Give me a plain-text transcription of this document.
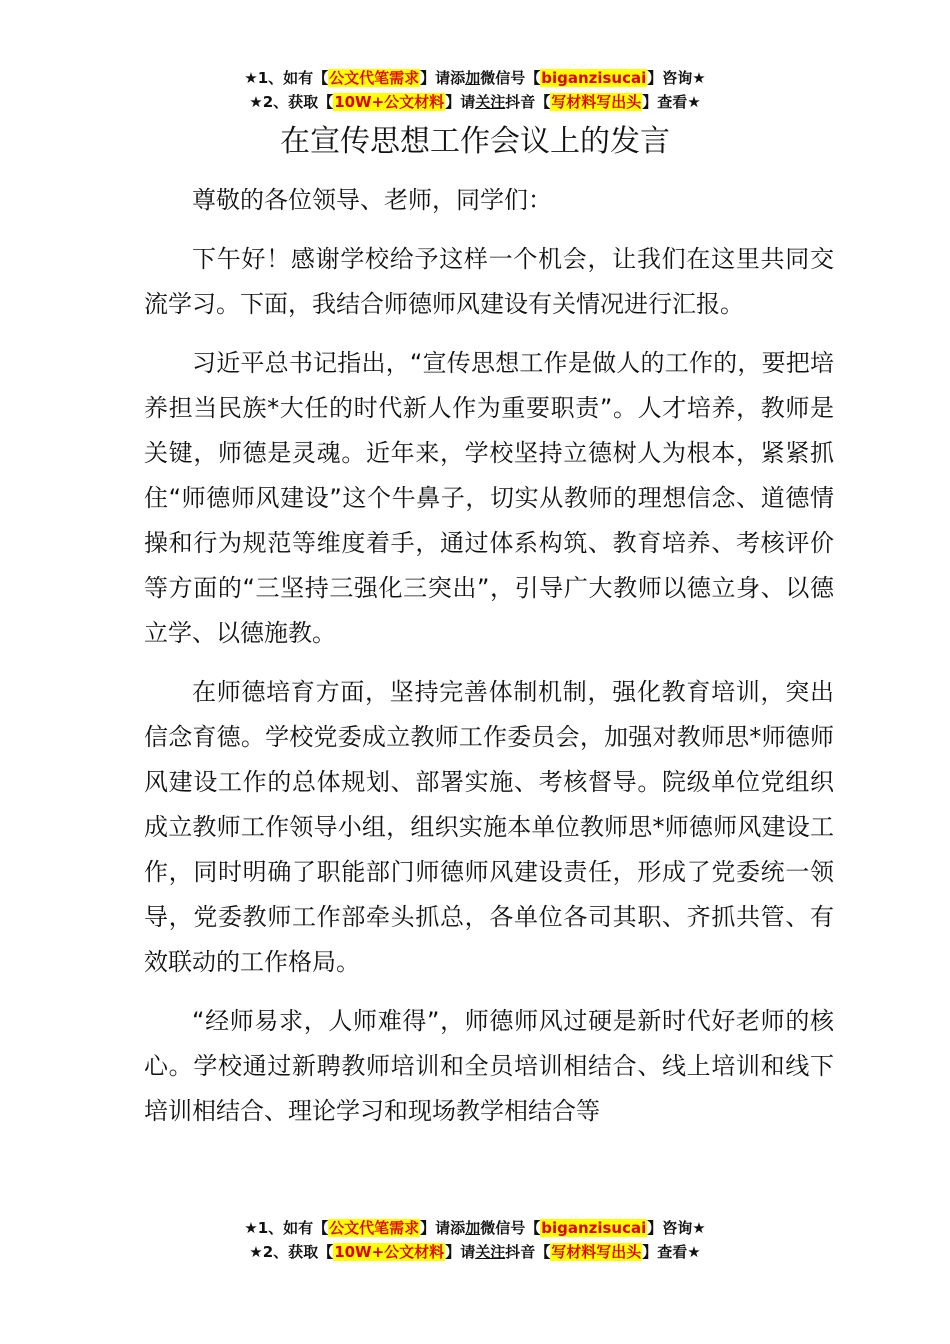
★1、如有【公文代笔需求】请添加微信号【biganzisucai】咨询★
★2、获取【10W+公文材料】请关注抖音【写材料写出头】查看★
在宣传思想工作会议上的发言

尊敬的各位领导、老师，同学们：

下午好！感谢学校给予这样一个机会，让我们在这里共同交流学习。下面，我结合师德师风建设有关情况进行汇报。

习近平总书记指出，“宣传思想工作是做人的工作的，要把培养担当民族*大任的时代新人作为重要职责”。人才培养，教师是关键，师德是灵魂。近年来，学校坚持立德树人为根本，紧紧抓住“师德师风建设”这个牛鼻子，切实从教师的理想信念、道德情操和行为规范等维度着手，通过体系构筑、教育培养、考核评价等方面的“三坚持三强化三突出”，引导广大教师以德立身、以德立学、以德施教。

在师德培育方面，坚持完善体制机制，强化教育培训，突出信念育德。学校党委成立教师工作委员会，加强对教师思*师德师风建设工作的总体规划、部署实施、考核督导。院级单位党组织成立教师工作领导小组，组织实施本单位教师思*师德师风建设工作，同时明确了职能部门师德师风建设责任，形成了党委统一领导，党委教师工作部牵头抓总，各单位各司其职、齐抓共管、有效联动的工作格局。

“经师易求，人师难得”，师德师风过硬是新时代好老师的核心。学校通过新聘教师培训和全员培训相结合、线上培训和线下培训相结合、理论学习和现场教学相结合等

★1、如有【公文代笔需求】请添加微信号【biganzisucai】咨询★
★2、获取【10W+公文材料】请关注抖音【写材料写出头】查看★
